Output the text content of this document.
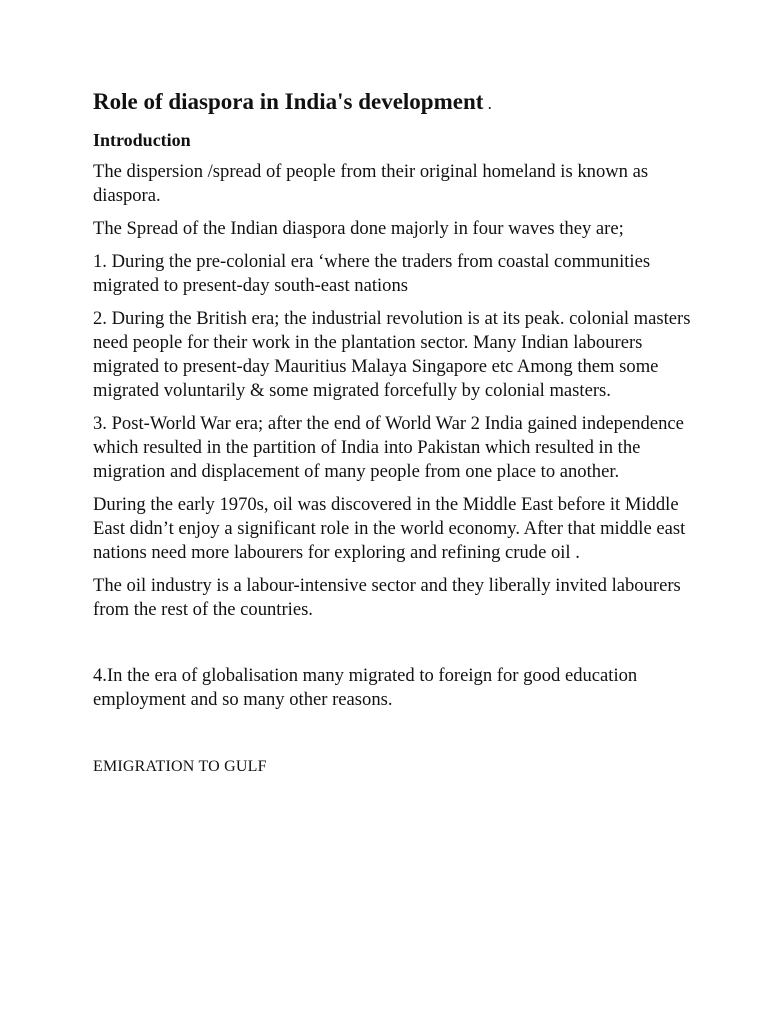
Role of diaspora in India's development .
Introduction

The dispersion /spread of people from their original homeland is known as diaspora.

The Spread of the Indian diaspora done majorly in four waves they are;

1. During the pre-colonial era ‘where the traders from coastal communities migrated to present-day south-east nations

2. During the British era; the industrial revolution is at its peak. colonial masters need people for their work in the plantation sector. Many Indian labourers migrated to present-day Mauritius Malaya Singapore etc Among them some migrated voluntarily & some migrated forcefully by colonial masters.

3. Post-World War era; after the end of World War 2 India gained independence which resulted in the partition of India into Pakistan which resulted in the migration and displacement of many people from one place to another.

During the early 1970s, oil was discovered in the Middle East before it Middle East didn’t enjoy a significant role in the world economy. After that middle east nations need more labourers for exploring and refining crude oil .

The oil industry is a labour-intensive sector and they liberally invited labourers from the rest of the countries.

4.In the era of globalisation many migrated to foreign for good education employment and so many other reasons.

EMIGRATION TO GULF
